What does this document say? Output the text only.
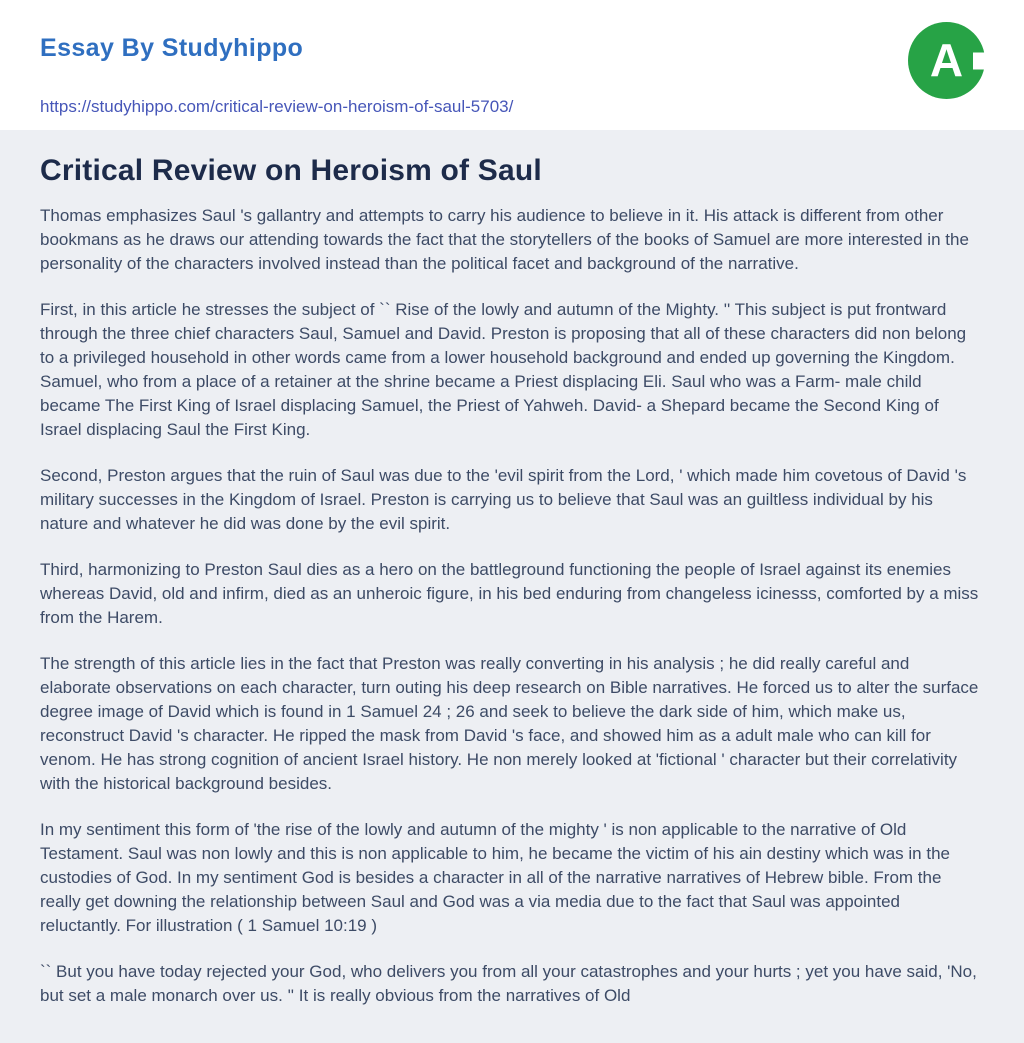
Essay By Studyhippo

https://studyhippo.com/critical-review-on-heroism-of-saul-5703/
A
Critical Review on Heroism of Saul

Thomas emphasizes Saul 's gallantry and attempts to carry his audience to believe in it. His attack is different from other bookmans as he draws our attending towards the fact that the storytellers of the books of Samuel are more interested in the personality of the characters involved instead than the political facet and background of the narrative.

First, in this article he stresses the subject of `` Rise of the lowly and autumn of the Mighty. '' This subject is put frontward through the three chief characters Saul, Samuel and David. Preston is proposing that all of these characters did non belong to a privileged household in other words came from a lower household background and ended up governing the Kingdom. Samuel, who from a place of a retainer at the shrine became a Priest displacing Eli. Saul who was a Farm- male child became The First King of Israel displacing Samuel, the Priest of Yahweh. David- a Shepard became the Second King of Israel displacing Saul the First King.

Second, Preston argues that the ruin of Saul was due to the 'evil spirit from the Lord, ' which made him covetous of David 's military successes in the Kingdom of Israel. Preston is carrying us to believe that Saul was an guiltless individual by his nature and whatever he did was done by the evil spirit.

Third, harmonizing to Preston Saul dies as a hero on the battleground functioning the people of Israel against its enemies whereas David, old and infirm, died as an unheroic figure, in his bed enduring from changeless icinesss, comforted by a miss from the Harem.

The strength of this article lies in the fact that Preston was really converting in his analysis ; he did really careful and elaborate observations on each character, turn outing his deep research on Bible narratives. He forced us to alter the surface degree image of David which is found in 1 Samuel 24 ; 26 and seek to believe the dark side of him, which make us, reconstruct David 's character. He ripped the mask from David 's face, and showed him as a adult male who can kill for venom. He has strong cognition of ancient Israel history. He non merely looked at 'fictional ' character but their correlativity with the historical background besides.

In my sentiment this form of 'the rise of the lowly and autumn of the mighty ' is non applicable to the narrative of Old Testament. Saul was non lowly and this is non applicable to him, he became the victim of his ain destiny which was in the custodies of God. In my sentiment God is besides a character in all of the narrative narratives of Hebrew bible. From the really get downing the relationship between Saul and God was a via media due to the fact that Saul was appointed reluctantly. For illustration ( 1 Samuel 10:19 )

`` But you have today rejected your God, who delivers you from all your catastrophes and your hurts ; yet you have said, 'No, but set a male monarch over us. '' It is really obvious from the narratives of Old
